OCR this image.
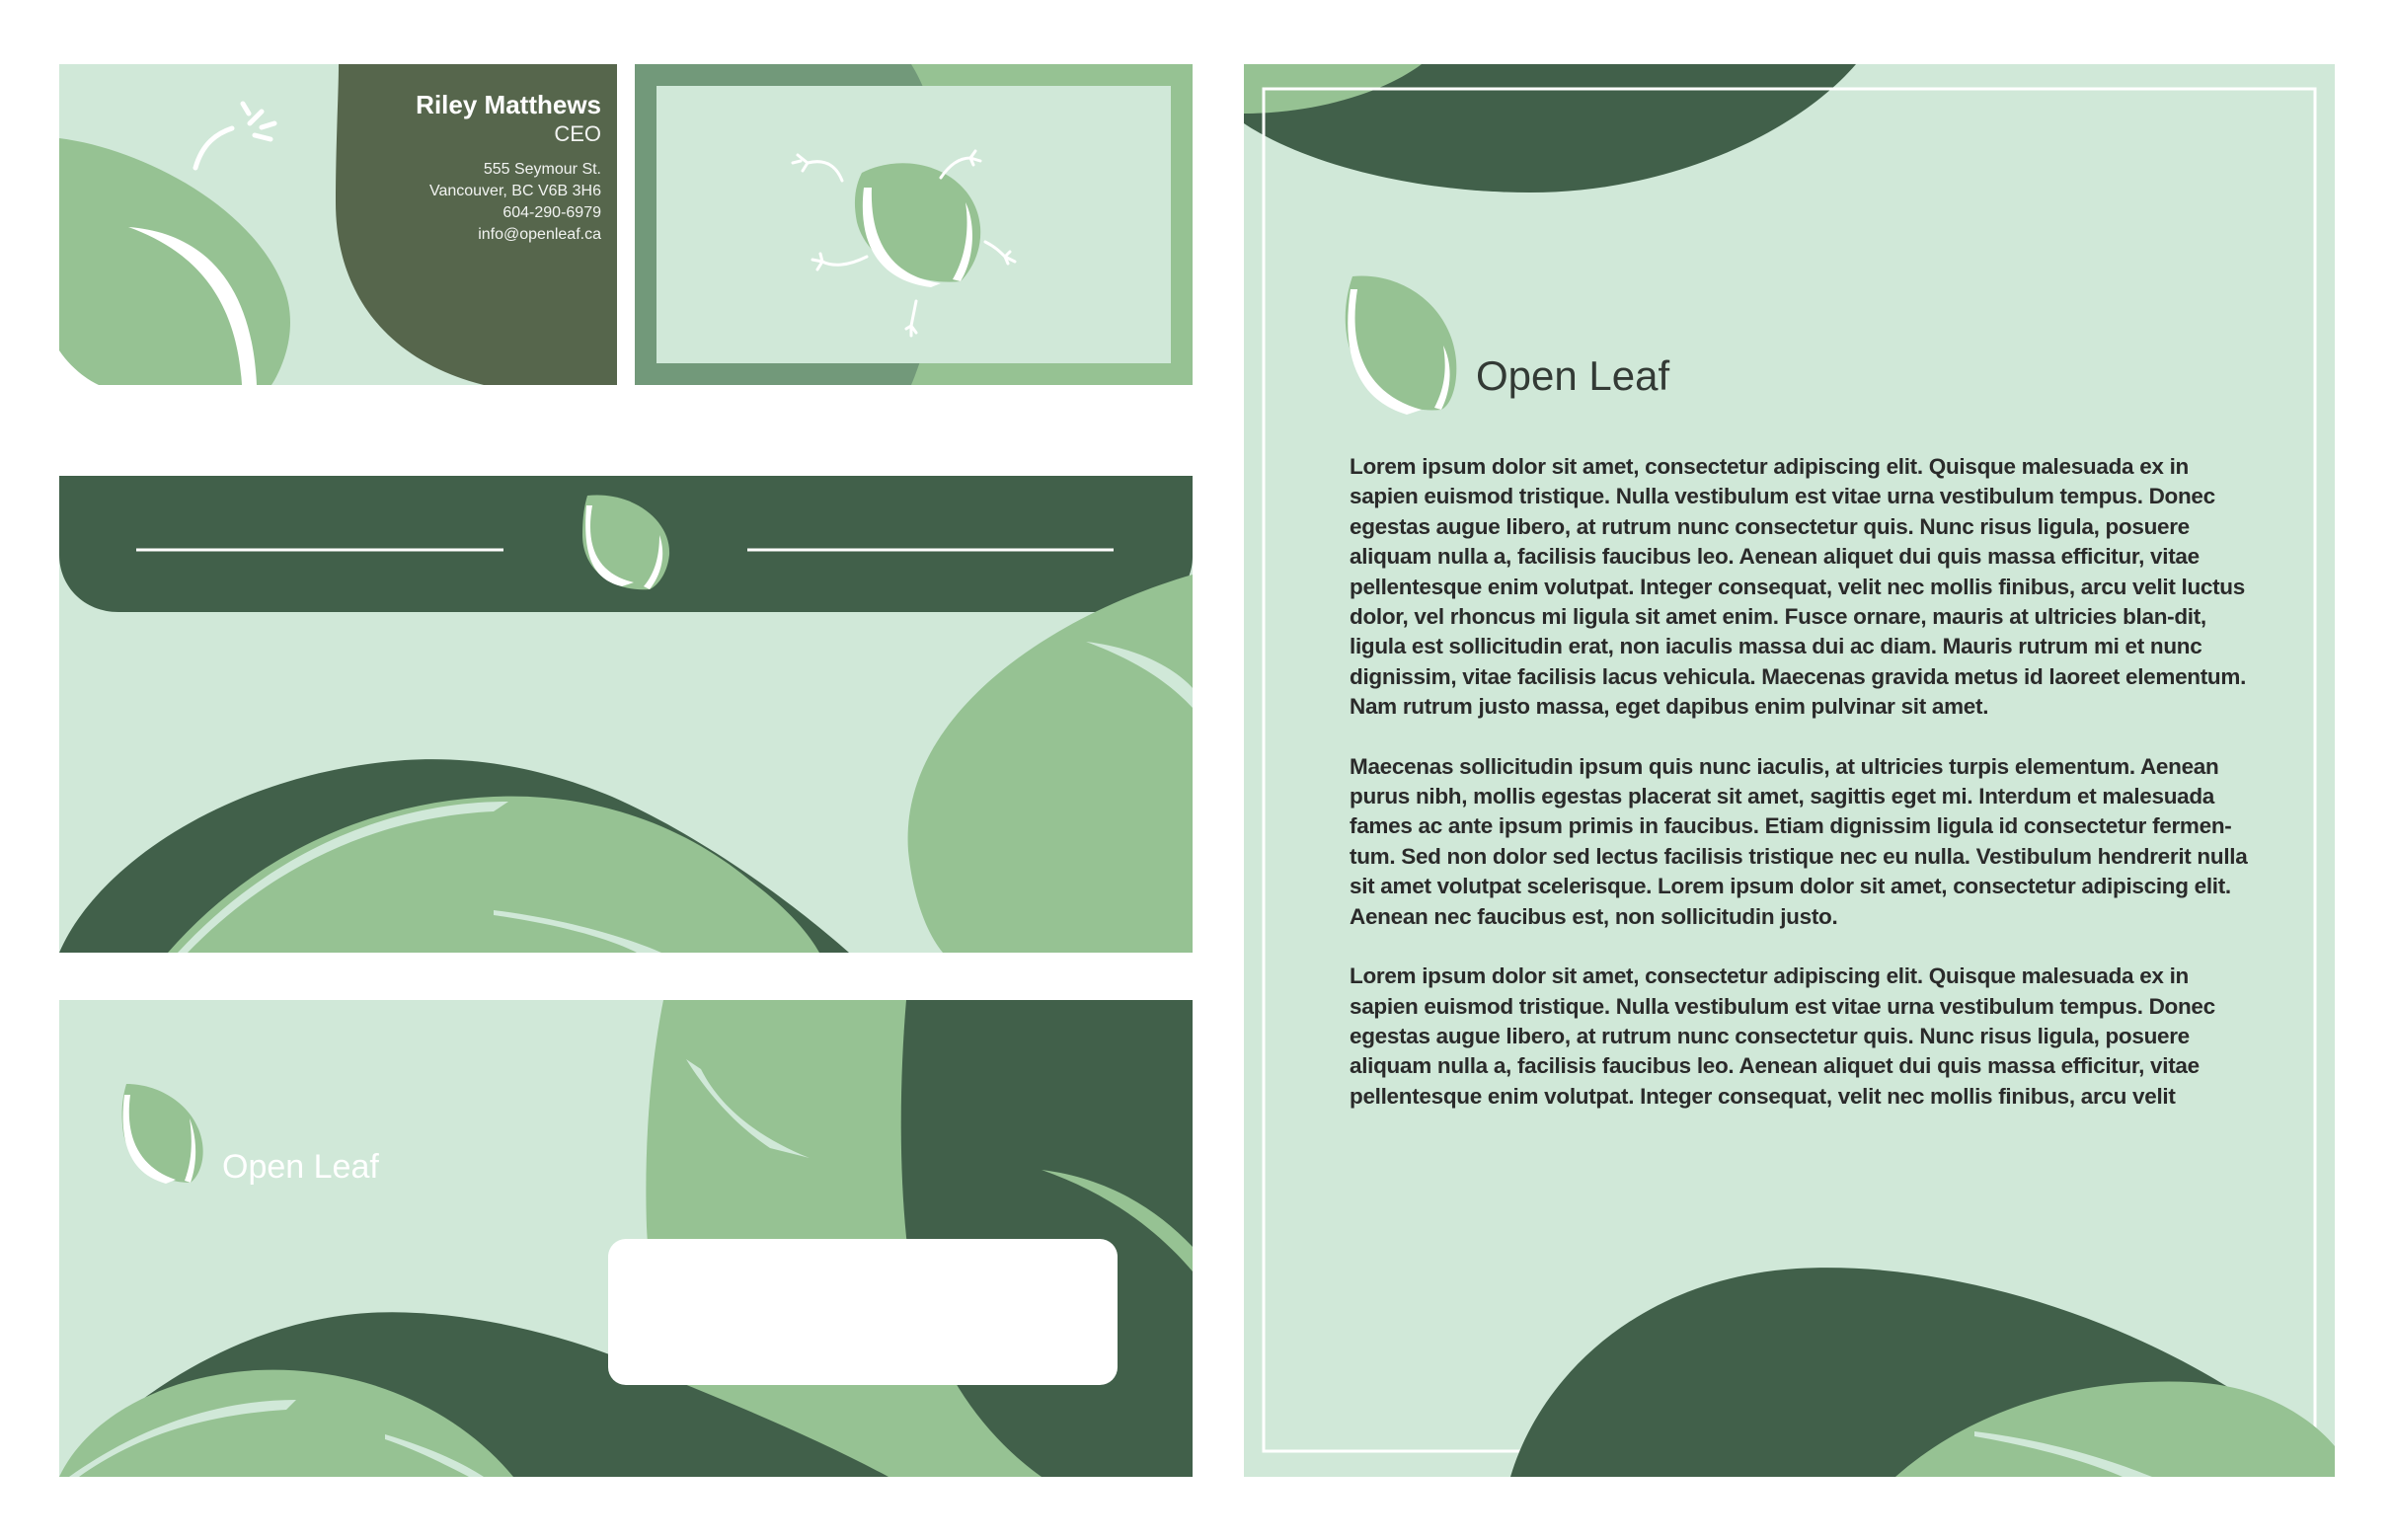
Riley Matthews
CEO
555 Seymour St.
Vancouver, BC V6B 3H6
604-290-6979
info@openleaf.ca
Open Leaf
Open Leaf

Lorem ipsum dolor sit amet, consectetur adipiscing elit. Quisque malesuada ex in sapien euismod tristique. Nulla vestibulum est vitae urna vestibulum tempus. Donec egestas augue libero, at rutrum nunc consectetur quis. Nunc risus ligula, posuere aliquam nulla a, facilisis faucibus leo. Aenean aliquet dui quis massa efficitur, vitae pellentesque enim volutpat. Integer consequat, velit nec mollis finibus, arcu velit luctus dolor, vel rhoncus mi ligula sit amet enim. Fusce ornare, mauris at ultricies blan-dit, ligula est sollicitudin erat, non iaculis massa dui ac diam. Mauris rutrum mi et nunc dignissim, vitae facilisis lacus vehicula. Maecenas gravida metus id laoreet elementum. Nam rutrum justo massa, eget dapibus enim pulvinar sit amet.

Maecenas sollicitudin ipsum quis nunc iaculis, at ultricies turpis elementum. Aenean purus nibh, mollis egestas placerat sit amet, sagittis eget mi. Interdum et malesuada fames ac ante ipsum primis in faucibus. Etiam dignissim ligula id consectetur fermen-tum. Sed non dolor sed lectus facilisis tristique nec eu nulla. Vestibulum hendrerit nulla sit amet volutpat scelerisque. Lorem ipsum dolor sit amet, consectetur adipiscing elit. Aenean nec faucibus est, non sollicitudin justo.

Lorem ipsum dolor sit amet, consectetur adipiscing elit. Quisque malesuada ex in sapien euismod tristique. Nulla vestibulum est vitae urna vestibulum tempus. Donec egestas augue libero, at rutrum nunc consectetur quis. Nunc risus ligula, posuere aliquam nulla a, facilisis faucibus leo. Aenean aliquet dui quis massa efficitur, vitae pellentesque enim volutpat. Integer consequat, velit nec mollis finibus, arcu velit
